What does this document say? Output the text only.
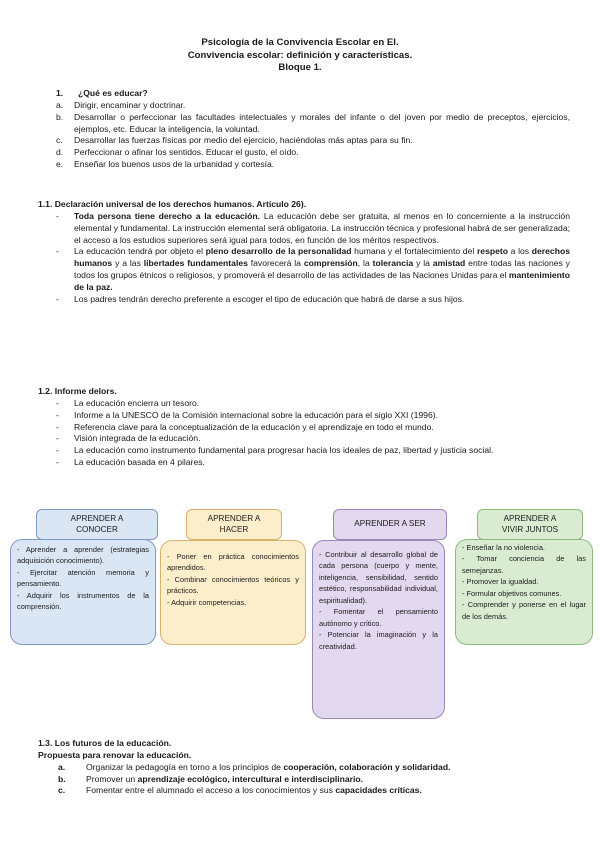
Psicología de la Convivencia Escolar en EI.
Convivencia escolar: definición y características.
Bloque 1.
1. ¿Qué es educar?
a. Dirigir, encaminar y doctrinar.
b. Desarrollar o perfeccionar las facultades intelectuales y morales del infante o del joven por medio de preceptos, ejercicios, ejemplos, etc. Educar la inteligencia, la voluntad.
c. Desarrollar las fuerzas físicas por medio del ejercicio, haciéndolas más aptas para su fin.
d. Perfeccionar o afinar los sentidos. Educar el gusto, el oído.
e. Enseñar los buenos usos de la urbanidad y cortesía.
1.1. Declaración universal de los derechos humanos. Artículo 26).
- Toda persona tiene derecho a la educación. La educación debe ser gratuita, al menos en lo concerniente a la instrucción elemental y fundamental. La instrucción elemental será obligatoria. La instrucción técnica y profesional habrá de ser generalizada; el acceso a los estudios superiores será igual para todos, en función de los méritos respectivos.
- La educación tendrá por objeto el pleno desarrollo de la personalidad humana y el fortalecimiento del respeto a los derechos humanos y a las libertades fundamentales favorecerá la comprensión, la tolerancia y la amistad entre todas las naciones y todos los grupos étnicos o religiosos, y promoverá el desarrollo de las actividades de las Naciones Unidas para el mantenimiento de la paz.
- Los padres tendrán derecho preferente a escoger el tipo de educación que habrá de darse a sus hijos.
1.2. Informe delors.
- La educación encierra un tesoro.
- Informe a la UNESCO de la Comisión internacional sobre la educación para el siglo XXI (1996).
- Referencia clave para la conceptualización de la educación y el aprendizaje en todo el mundo.
- Visión integrada de la educación.
- La educación como instrumento fundamental para progresar hacia los ideales de paz, libertad y justicia social.
- La educación basada en 4 pilares.
APRENDER A
CONOCER

- Aprender a aprender (estrategias adquisición conocimiento).

- Ejercitar atención memoria y pensamiento.

- Adquirir los instrumentos de la comprensión.

APRENDER A
HACER

- Poner en práctica conocimientos aprendidos.

- Combinar conocimientos teóricos y prácticos.

- Adquirir competencias.

APRENDER A SER

- Contribuir al desarrollo global de cada persona (cuerpo y mente, inteligencia, sensibilidad, sentido estético, responsabilidad individual, espiritualidad).

- Fomentar el pensamiento autónomo y crítico.

- Potenciar la imaginación y la creatividad.

APRENDER A
VIVIR JUNTOS

- Enseñar la no violencia.

- Tomar conciencia de las semejanzas.

- Promover la igualdad.

- Formular objetivos comunes.

- Comprender y ponerse en el lugar de los demás.

1.3. Los futuros de la educación.
Propuesta para renovar la educación.
a. Organizar la pedagogía en torno a los principios de cooperación, colaboración y solidaridad.
b. Promover un aprendizaje ecológico, intercultural e interdisciplinario.
c. Fomentar entre el alumnado el acceso a los conocimientos y sus capacidades críticas.
